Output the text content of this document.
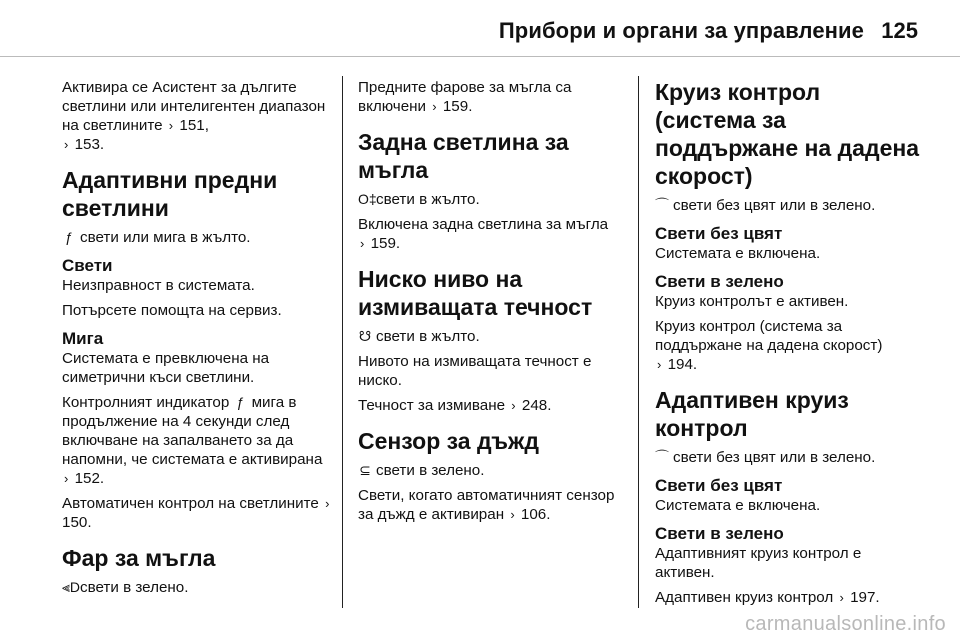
Прибори и органи за управление 125

Активира се Асистент за дългите светлини или интелигентен диапазон на светлините › 151,
› 153.

Адаптивни предни светлини

ƒ свети или мига в жълто.

Свети

Неизправност в системата.

Потърсете помощта на сервиз.

Мига

Системата е превключена на симетрични къси светлини.

Контролният индикатор ƒ мига в продължение на 4 секунди след включване на запалването за да напомни, че системата е активирана › 152.

Автоматичен контрол на светлините › 150.

Фар за мъгла

⫷Dсвети в зелено.

Предните фарове за мъгла са включени › 159.

Задна светлина за мъгла

O‡свети в жълто.

Включена задна светлина за мъгла
› 159.

Ниско ниво на измиващата течност

☋ свети в жълто.

Нивото на измиващата течност е ниско.

Течност за измиване › 248.

Сензор за дъжд

⊆ свети в зелено.

Свети, когато автоматичният сензор за дъжд е активиран › 106.

Круиз контрол (система за поддържане на дадена скорост)

⌒ свети без цвят или в зелено.

Свети без цвят

Системата е включена.

Свети в зелено

Круиз контролът е активен.

Круиз контрол (система за поддържане на дадена скорост)
› 194.

Адаптивен круиз контрол

⌒ свети без цвят или в зелено.

Свети без цвят

Системата е включена.

Свети в зелено

Адаптивният круиз контрол е активен.

Адаптивен круиз контрол › 197.

carmanualsonline.info
